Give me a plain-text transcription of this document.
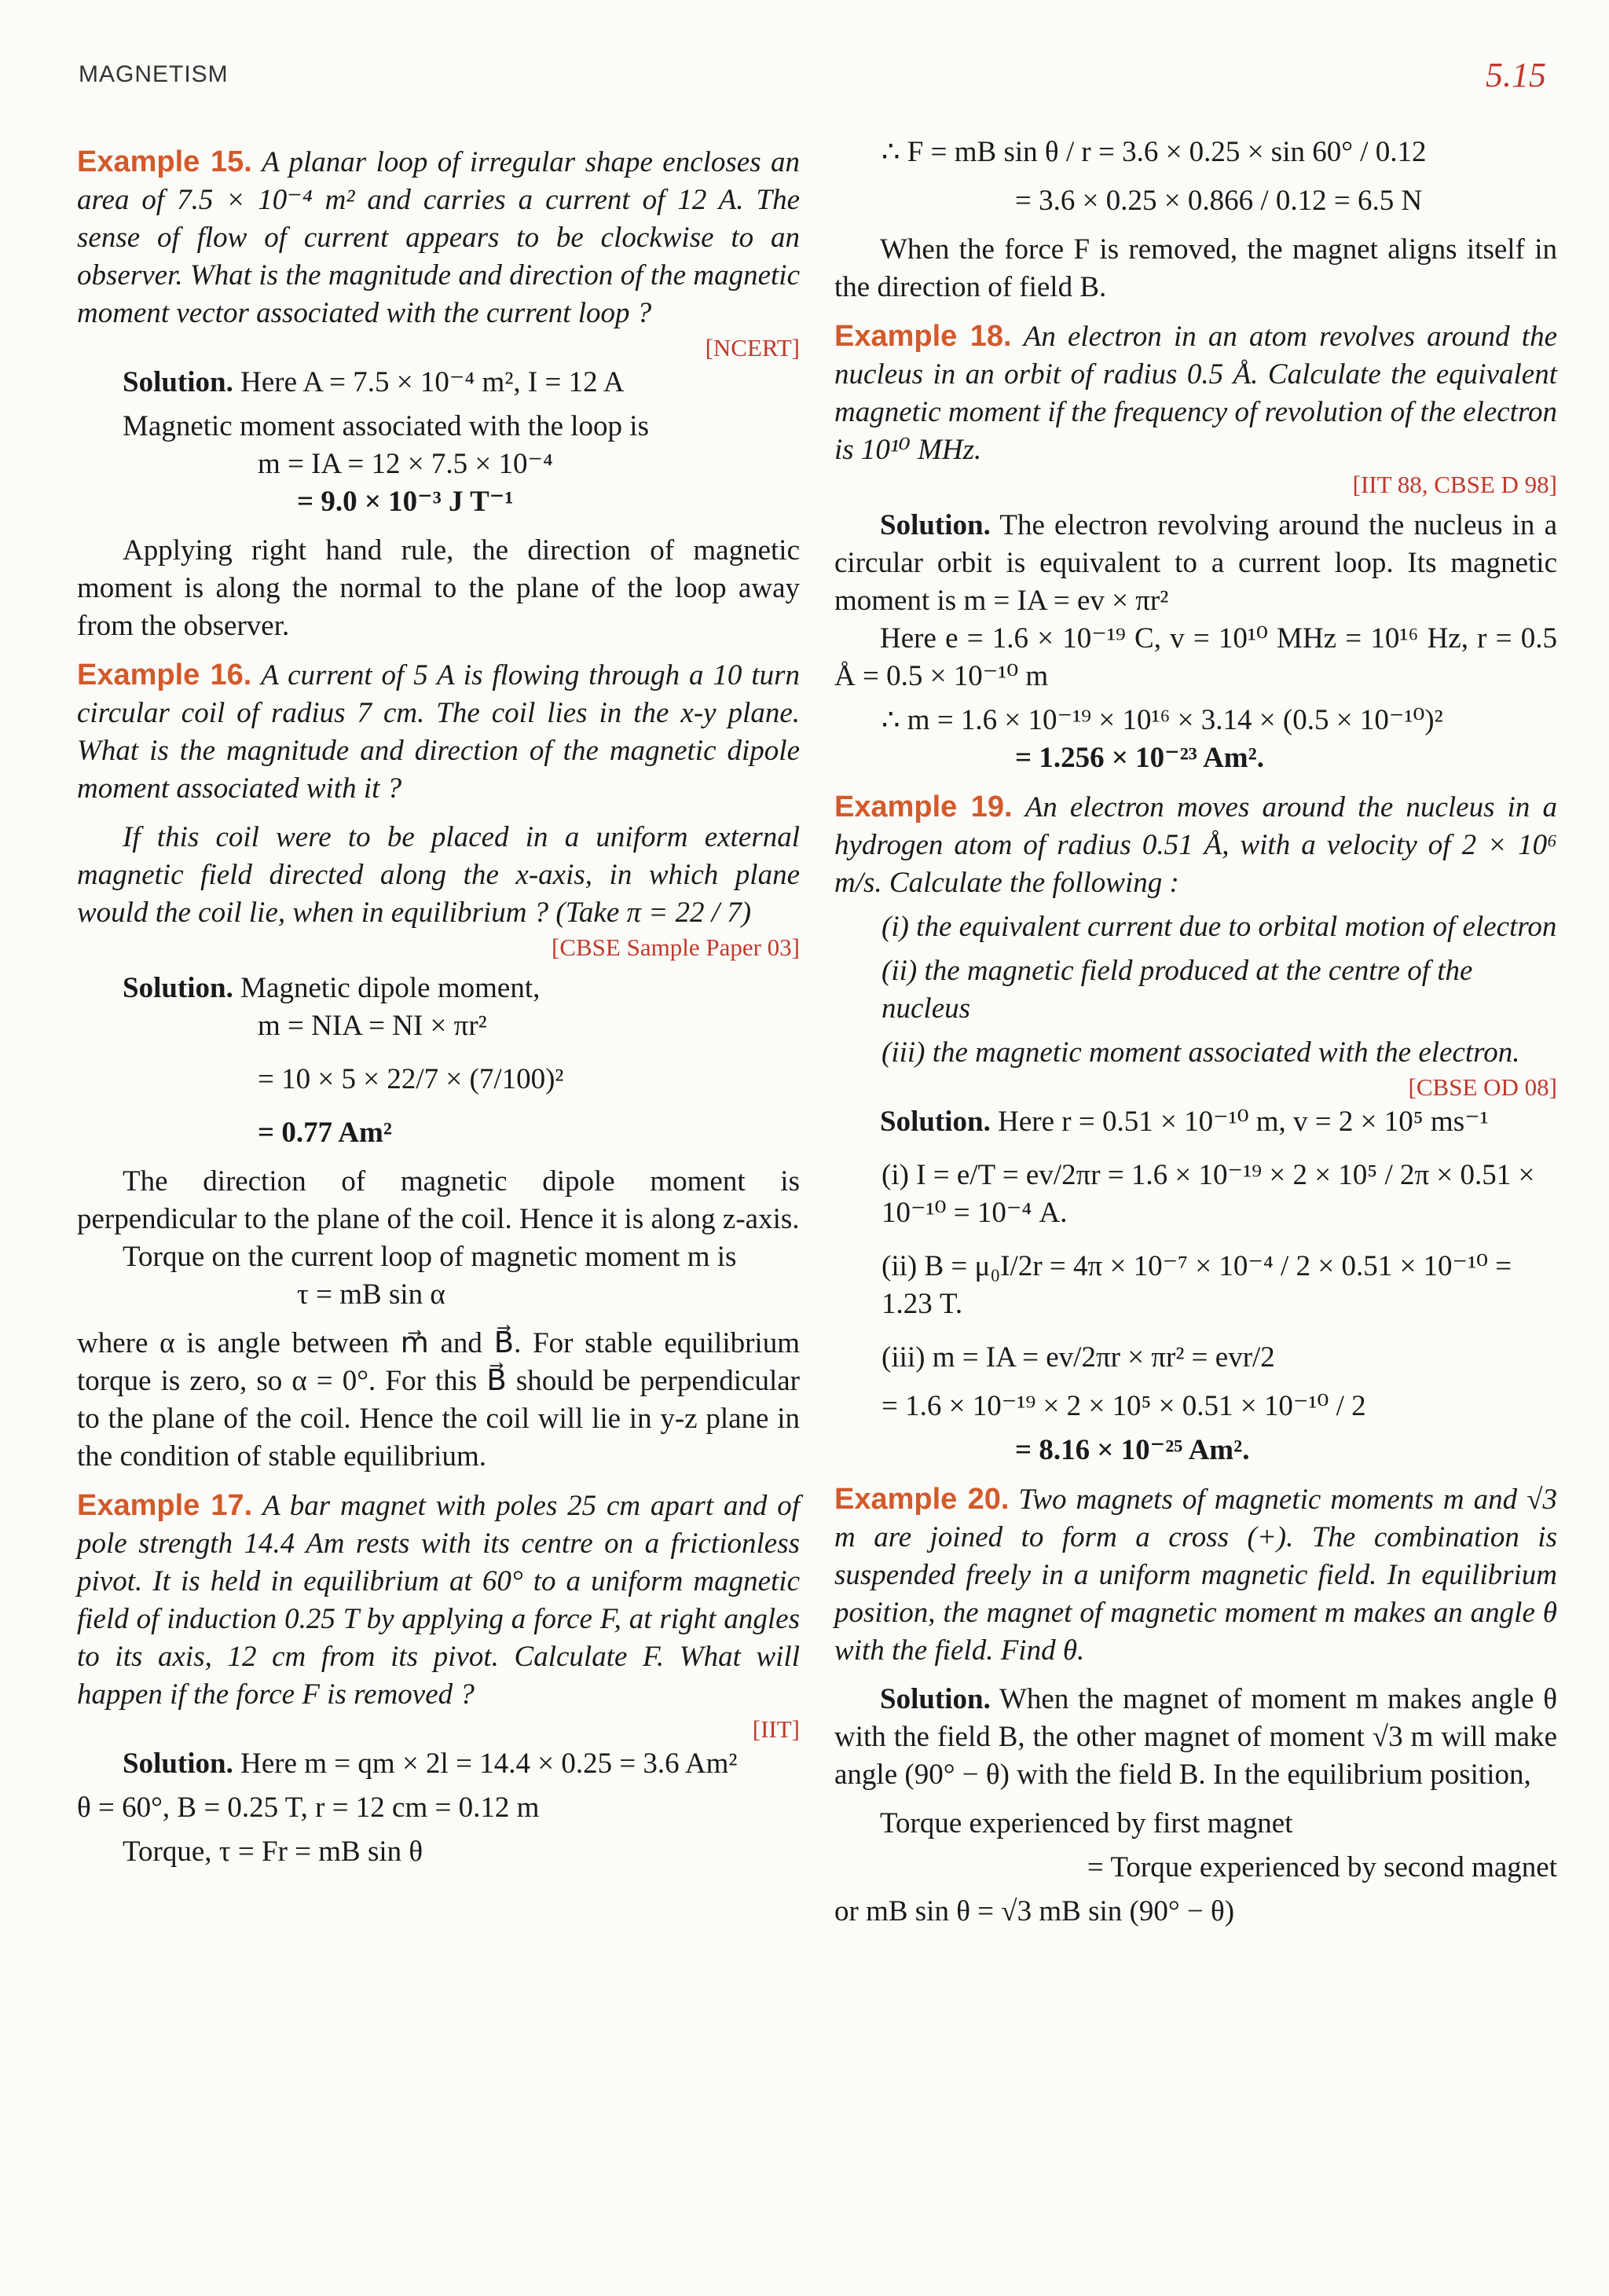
MAGNETISM	5.15
Example 15. A planar loop of irregular shape encloses an area of 7.5 × 10⁻⁴ m² and carries a current of 12 A. The sense of flow of current appears to be clockwise to an observer. What is the magnitude and direction of the magnetic moment vector associated with the current loop ?

[NCERT]

Solution. Here A = 7.5 × 10⁻⁴ m², I = 12 A

Magnetic moment associated with the loop is

m = IA = 12 × 7.5 × 10⁻⁴

= 9.0 × 10⁻³ J T⁻¹

Applying right hand rule, the direction of magnetic moment is along the normal to the plane of the loop away from the observer.

Example 16. A current of 5 A is flowing through a 10 turn circular coil of radius 7 cm. The coil lies in the x-y plane. What is the magnitude and direction of the magnetic dipole moment associated with it ?

If this coil were to be placed in a uniform external magnetic field directed along the x-axis, in which plane would the coil lie, when in equilibrium ? (Take π = 22 / 7)

[CBSE Sample Paper 03]

Solution. Magnetic dipole moment,

m = NIA = NI × πr²

= 10 × 5 × 22/7 × (7/100)²

= 0.77 Am²

The direction of magnetic dipole moment is perpendicular to the plane of the coil. Hence it is along z-axis.

Torque on the current loop of magnetic moment m is

τ = mB sin α

where α is angle between m⃗ and B⃗. For stable equilibrium torque is zero, so α = 0°. For this B⃗ should be perpendicular to the plane of the coil. Hence the coil will lie in y-z plane in the condition of stable equilibrium.

Example 17. A bar magnet with poles 25 cm apart and of pole strength 14.4 Am rests with its centre on a frictionless pivot. It is held in equilibrium at 60° to a uniform magnetic field of induction 0.25 T by applying a force F, at right angles to its axis, 12 cm from its pivot. Calculate F. What will happen if the force F is removed ?

[IIT]

Solution. Here m = qm × 2l = 14.4 × 0.25 = 3.6 Am²

θ = 60°, B = 0.25 T, r = 12 cm = 0.12 m

Torque, τ = Fr = mB sin θ

∴ F = mB sin θ / r = 3.6 × 0.25 × sin 60° / 0.12

= 3.6 × 0.25 × 0.866 / 0.12 = 6.5 N

When the force F is removed, the magnet aligns itself in the direction of field B.

Example 18. An electron in an atom revolves around the nucleus in an orbit of radius 0.5 Å. Calculate the equivalent magnetic moment if the frequency of revolution of the electron is 10¹⁰ MHz.

[IIT 88, CBSE D 98]

Solution. The electron revolving around the nucleus in a circular orbit is equivalent to a current loop. Its magnetic moment is m = IA = ev × πr²

Here e = 1.6 × 10⁻¹⁹ C, v = 10¹⁰ MHz = 10¹⁶ Hz, r = 0.5 Å = 0.5 × 10⁻¹⁰ m

∴ m = 1.6 × 10⁻¹⁹ × 10¹⁶ × 3.14 × (0.5 × 10⁻¹⁰)²

= 1.256 × 10⁻²³ Am².

Example 19. An electron moves around the nucleus in a hydrogen atom of radius 0.51 Å, with a velocity of 2 × 10⁶ m/s. Calculate the following :

(i) the equivalent current due to orbital motion of electron

(ii) the magnetic field produced at the centre of the nucleus

(iii) the magnetic moment associated with the electron.

[CBSE OD 08]

Solution. Here r = 0.51 × 10⁻¹⁰ m, v = 2 × 10⁵ ms⁻¹

(i) I = e/T = ev/2πr = 1.6 × 10⁻¹⁹ × 2 × 10⁵ / 2π × 0.51 × 10⁻¹⁰ = 10⁻⁴ A.

(ii) B = μ₀I/2r = 4π × 10⁻⁷ × 10⁻⁴ / 2 × 0.51 × 10⁻¹⁰ = 1.23 T.

(iii) m = IA = ev/2πr × πr² = evr/2

= 1.6 × 10⁻¹⁹ × 2 × 10⁵ × 0.51 × 10⁻¹⁰ / 2

= 8.16 × 10⁻²⁵ Am².

Example 20. Two magnets of magnetic moments m and √3 m are joined to form a cross (+). The combination is suspended freely in a uniform magnetic field. In equilibrium position, the magnet of magnetic moment m makes an angle θ with the field. Find θ.

Solution. When the magnet of moment m makes angle θ with the field B, the other magnet of moment √3 m will make angle (90° − θ) with the field B. In the equilibrium position,

Torque experienced by first magnet

= Torque experienced by second magnet

or mB sin θ = √3 mB sin (90° − θ)
